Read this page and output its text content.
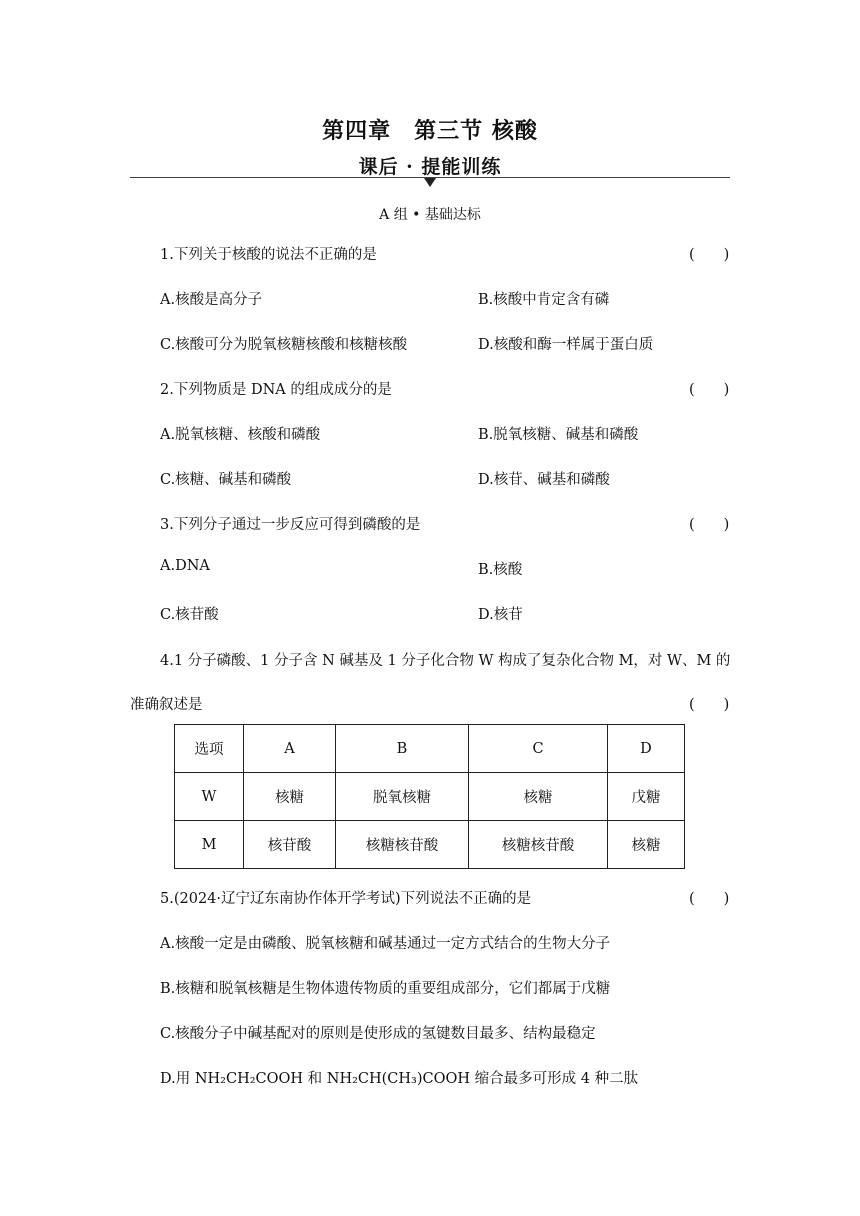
第四章　第三节 核酸
课后 · 提能训练
A 组 • 基础达标
1.下列关于核酸的说法不正确的是	(　　)
A.核酸是高分子	B.核酸中肯定含有磷
C.核酸可分为脱氧核糖核酸和核糖核酸	D.核酸和酶一样属于蛋白质
2.下列物质是 DNA 的组成成分的是	(　　)
A.脱氧核糖、核酸和磷酸	B.脱氧核糖、碱基和磷酸
C.核糖、碱基和磷酸	D.核苷、碱基和磷酸
3.下列分子通过一步反应可得到磷酸的是	(　　)
A.DNA	B.核酸
C.核苷酸	D.核苷
4.1 分子磷酸、1 分子含 N 碱基及 1 分子化合物 W 构成了复杂化合物 M，对 W、M 的
准确叙述是	(　　)
选项	A	B	C	D
W	核糖	脱氧核糖	核糖	戊糖
M	核苷酸	核糖核苷酸	核糖核苷酸	核糖
5.(2024·辽宁辽东南协作体开学考试)下列说法不正确的是	(　　)
A.核酸一定是由磷酸、脱氧核糖和碱基通过一定方式结合的生物大分子
B.核糖和脱氧核糖是生物体遗传物质的重要组成部分，它们都属于戊糖
C.核酸分子中碱基配对的原则是使形成的氢键数目最多、结构最稳定
D.用 NH₂CH₂COOH 和 NH₂CH(CH₃)COOH 缩合最多可形成 4 种二肽
